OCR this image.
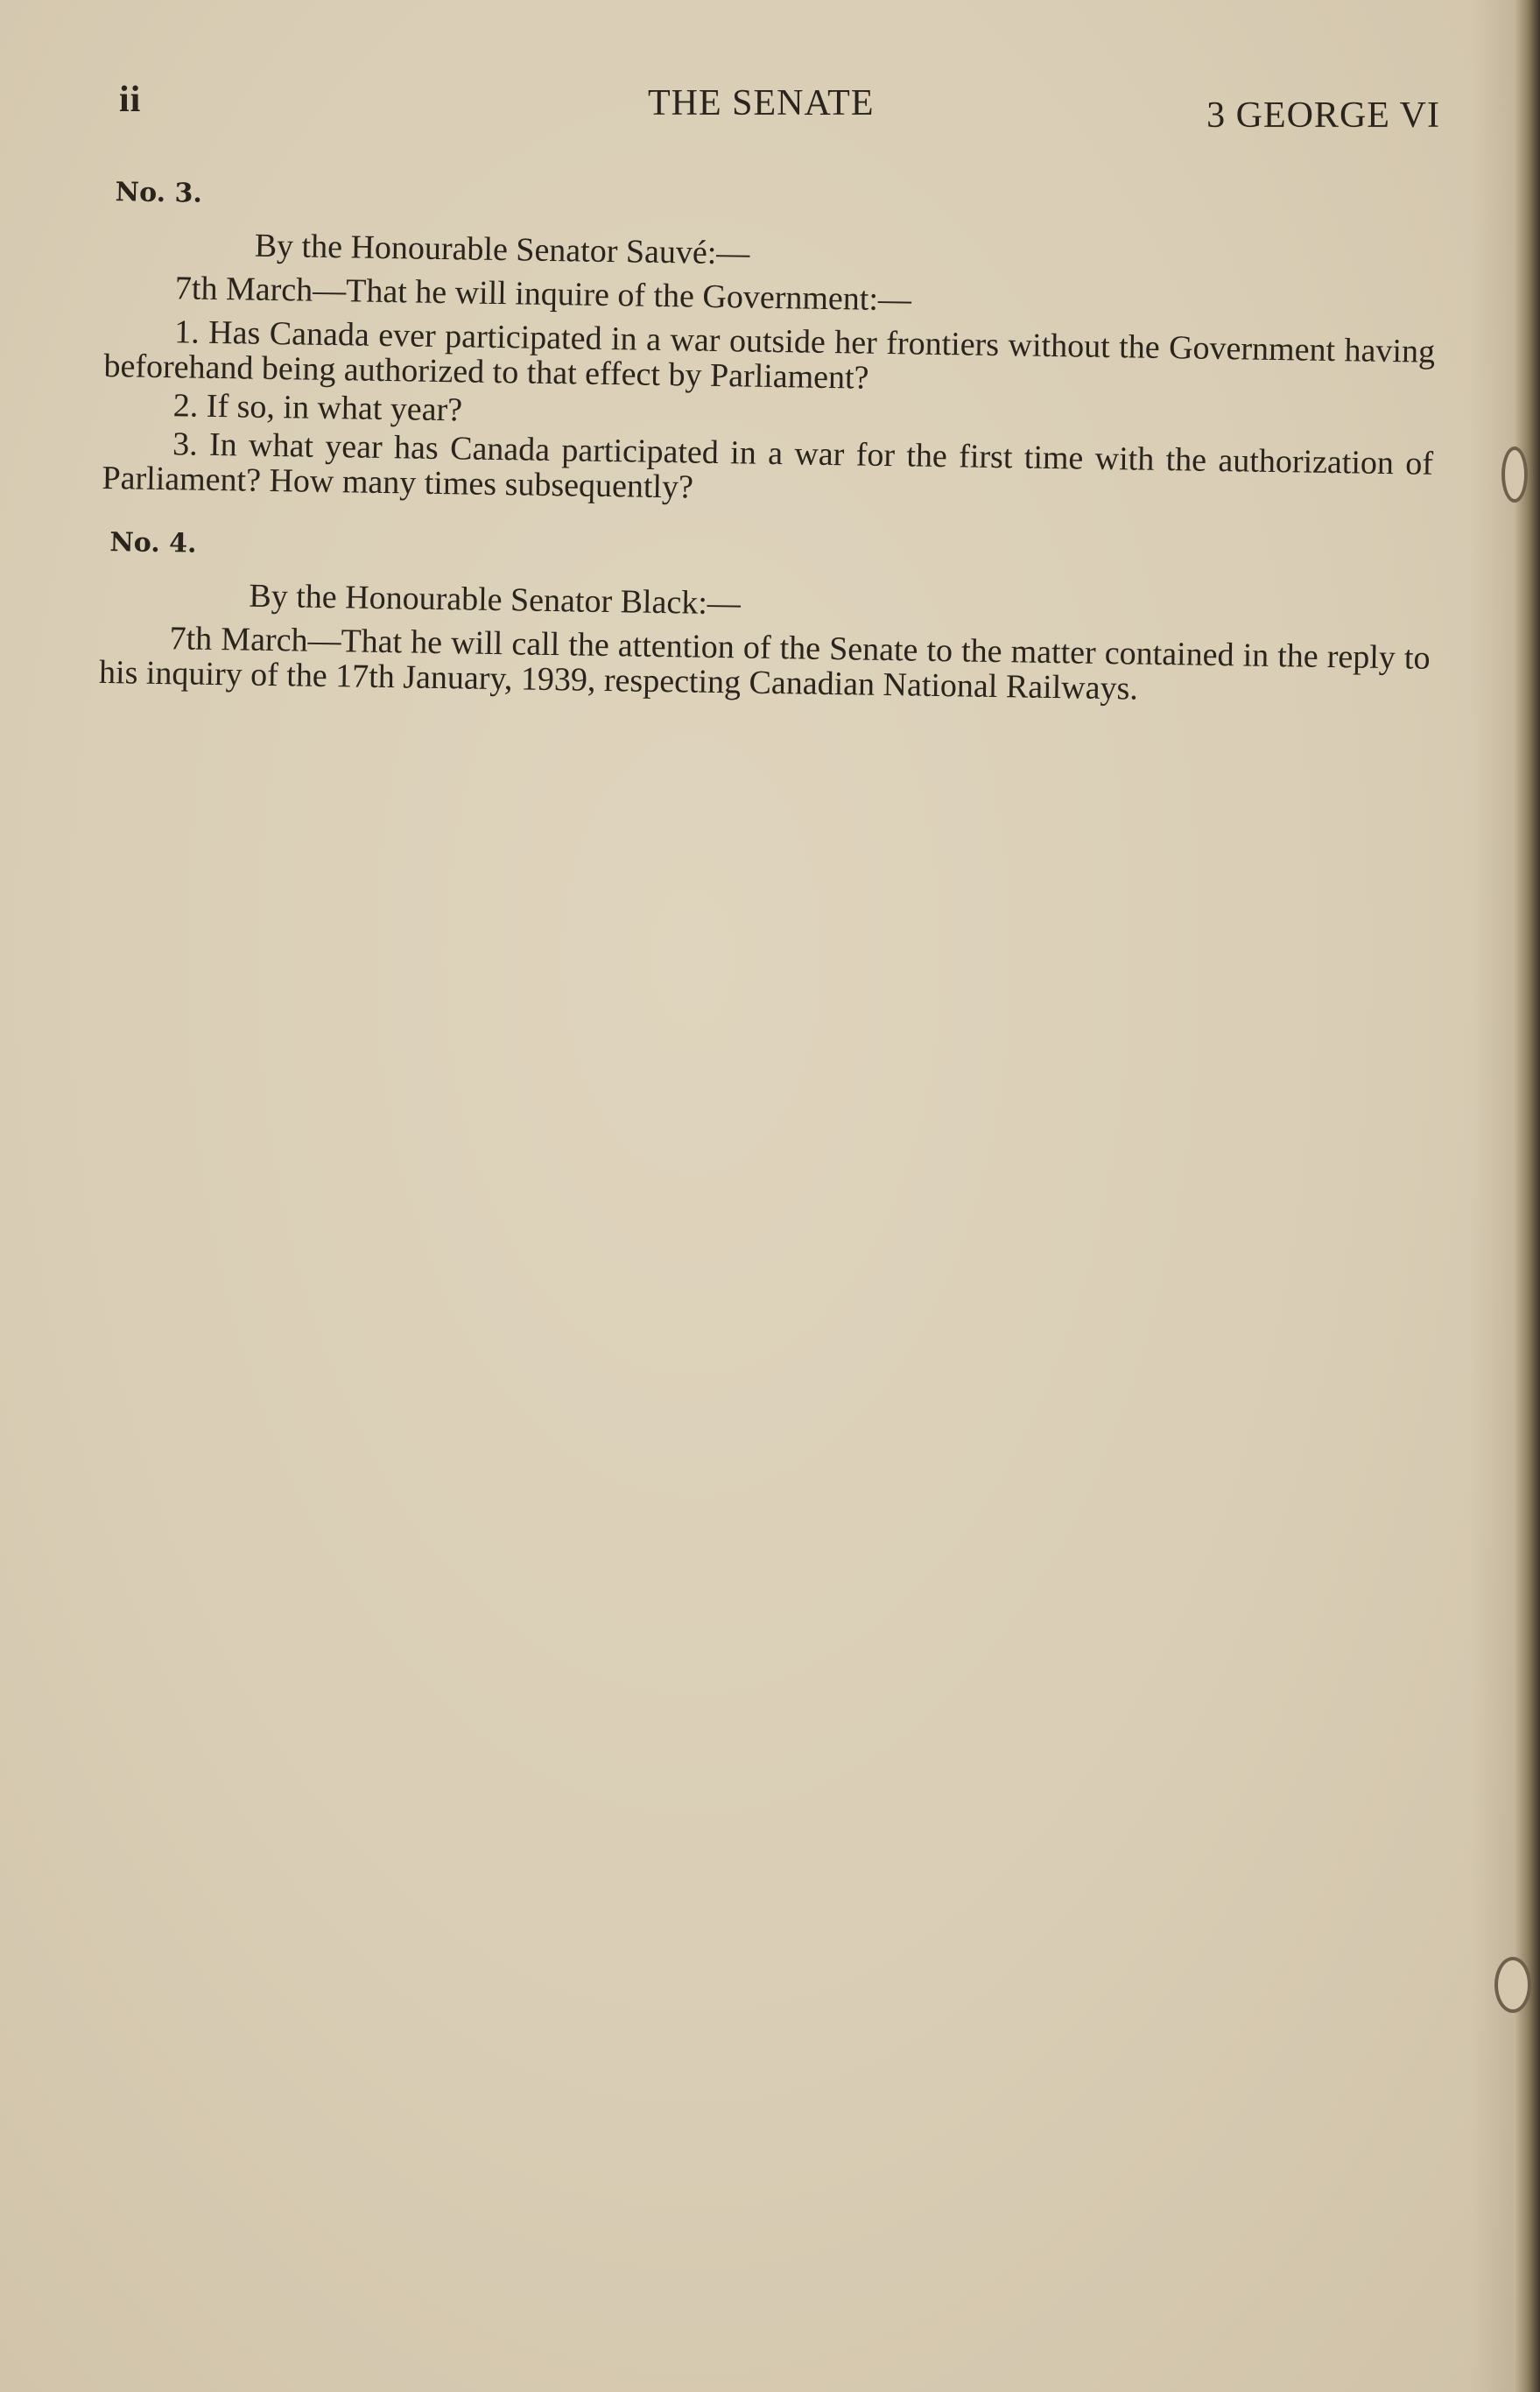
ii	THE SENATE	3 GEORGE VI
No. 3.
By the Honourable Senator Sauvé:—

7th March—That he will inquire of the Government:—

1. Has Canada ever participated in a war outside her frontiers without the Government having beforehand being authorized to that effect by Parliament?

2. If so, in what year?

3. In what year has Canada participated in a war for the first time with the authorization of Parliament? How many times subsequently?

No. 4.
By the Honourable Senator Black:—

7th March—That he will call the attention of the Senate to the matter contained in the reply to his inquiry of the 17th January, 1939, respecting Canadian National Railways.
